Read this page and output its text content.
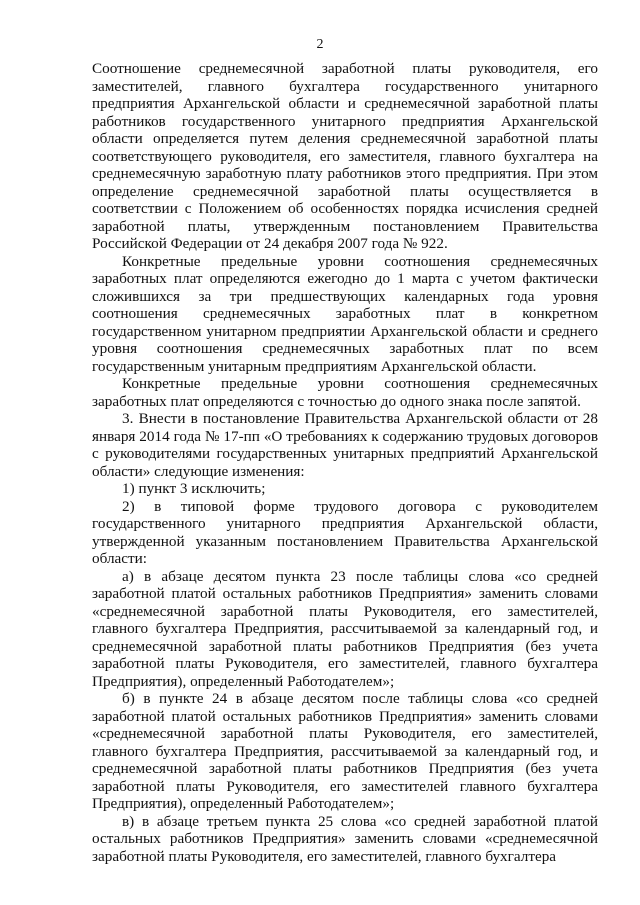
2

Соотношение среднемесячной заработной платы руководителя, его заместителей, главного бухгалтера государственного унитарного предприятия Архангельской области и среднемесячной заработной платы работников государственного унитарного предприятия Архангельской области определяется путем деления среднемесячной заработной платы соответствующего руководителя, его заместителя, главного бухгалтера на среднемесячную заработную плату работников этого предприятия. При этом определение среднемесячной заработной платы осуществляется в соответствии с Положением об особенностях порядка исчисления средней заработной платы, утвержденным постановлением Правительства Российской Федерации от 24 декабря 2007 года № 922.

Конкретные предельные уровни соотношения среднемесячных заработных плат определяются ежегодно до 1 марта с учетом фактически сложившихся за три предшествующих календарных года уровня соотношения среднемесячных заработных плат в конкретном государственном унитарном предприятии Архангельской области и среднего уровня соотношения среднемесячных заработных плат по всем государственным унитарным предприятиям Архангельской области.

Конкретные предельные уровни соотношения среднемесячных заработных плат определяются с точностью до одного знака после запятой.

3. Внести в постановление Правительства Архангельской области от 28 января 2014 года № 17-пп «О требованиях к содержанию трудовых договоров с руководителями государственных унитарных предприятий Архангельской области» следующие изменения:

1) пункт 3 исключить;

2) в типовой форме трудового договора с руководителем государственного унитарного предприятия Архангельской области, утвержденной указанным постановлением Правительства Архангельской области:

а) в абзаце десятом пункта 23 после таблицы слова «со средней заработной платой остальных работников Предприятия» заменить словами «среднемесячной заработной платы Руководителя, его заместителей, главного бухгалтера Предприятия, рассчитываемой за календарный год, и среднемесячной заработной платы работников Предприятия (без учета заработной платы Руководителя, его заместителей, главного бухгалтера Предприятия), определенный Работодателем»;

б) в пункте 24 в абзаце десятом после таблицы слова «со средней заработной платой остальных работников Предприятия» заменить словами «среднемесячной заработной платы Руководителя, его заместителей, главного бухгалтера Предприятия, рассчитываемой за календарный год, и среднемесячной заработной платы работников Предприятия (без учета заработной платы Руководителя, его заместителей главного бухгалтера Предприятия), определенный Работодателем»;

в) в абзаце третьем пункта 25 слова «со средней заработной платой остальных работников Предприятия» заменить словами «среднемесячной заработной платы Руководителя, его заместителей, главного бухгалтера
